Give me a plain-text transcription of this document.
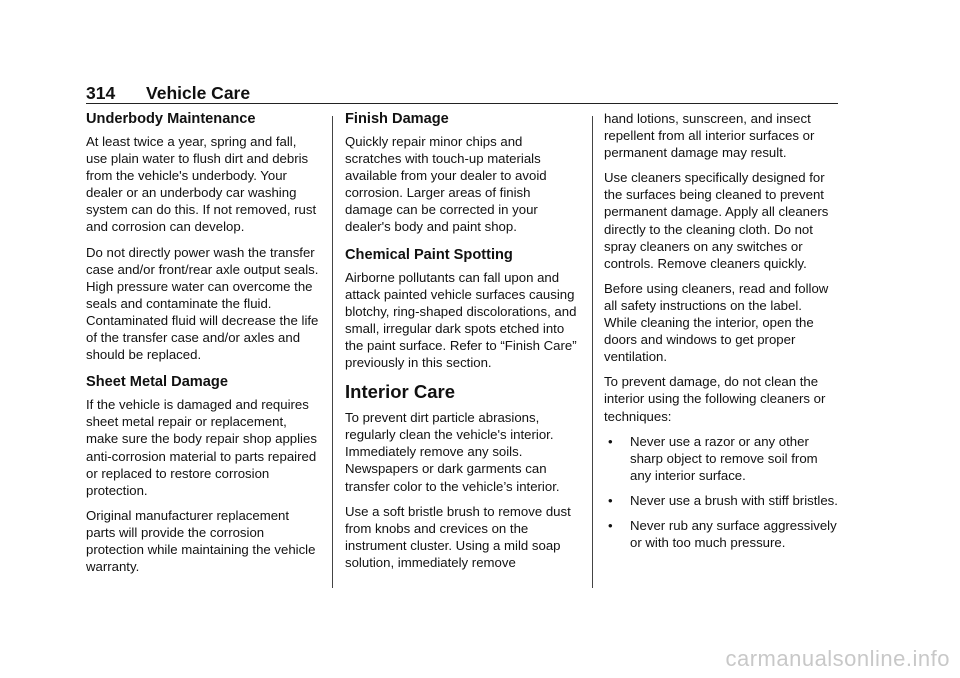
314 Vehicle Care
Underbody Maintenance

At least twice a year, spring and fall, use plain water to flush dirt and debris from the vehicle's underbody. Your dealer or an underbody car washing system can do this. If not removed, rust and corrosion can develop.

Do not directly power wash the transfer case and/or front/rear axle output seals. High pressure water can overcome the seals and contaminate the fluid. Contaminated fluid will decrease the life of the transfer case and/or axles and should be replaced.

Sheet Metal Damage

If the vehicle is damaged and requires sheet metal repair or replacement, make sure the body repair shop applies anti-corrosion material to parts repaired or replaced to restore corrosion protection.

Original manufacturer replacement parts will provide the corrosion protection while maintaining the vehicle warranty.

Finish Damage

Quickly repair minor chips and scratches with touch-up materials available from your dealer to avoid corrosion. Larger areas of finish damage can be corrected in your dealer's body and paint shop.

Chemical Paint Spotting

Airborne pollutants can fall upon and attack painted vehicle surfaces causing blotchy, ring-shaped discolorations, and small, irregular dark spots etched into the paint surface. Refer to “Finish Care” previously in this section.

Interior Care

To prevent dirt particle abrasions, regularly clean the vehicle's interior. Immediately remove any soils. Newspapers or dark garments can transfer color to the vehicle’s interior.

Use a soft bristle brush to remove dust from knobs and crevices on the instrument cluster. Using a mild soap solution, immediately remove

hand lotions, sunscreen, and insect repellent from all interior surfaces or permanent damage may result.

Use cleaners specifically designed for the surfaces being cleaned to prevent permanent damage. Apply all cleaners directly to the cleaning cloth. Do not spray cleaners on any switches or controls. Remove cleaners quickly.

Before using cleaners, read and follow all safety instructions on the label. While cleaning the interior, open the doors and windows to get proper ventilation.

To prevent damage, do not clean the interior using the following cleaners or techniques:

• Never use a razor or any other sharp object to remove soil from any interior surface.
• Never use a brush with stiff bristles.
• Never rub any surface aggressively or with too much pressure.
carmanualsonline.info
